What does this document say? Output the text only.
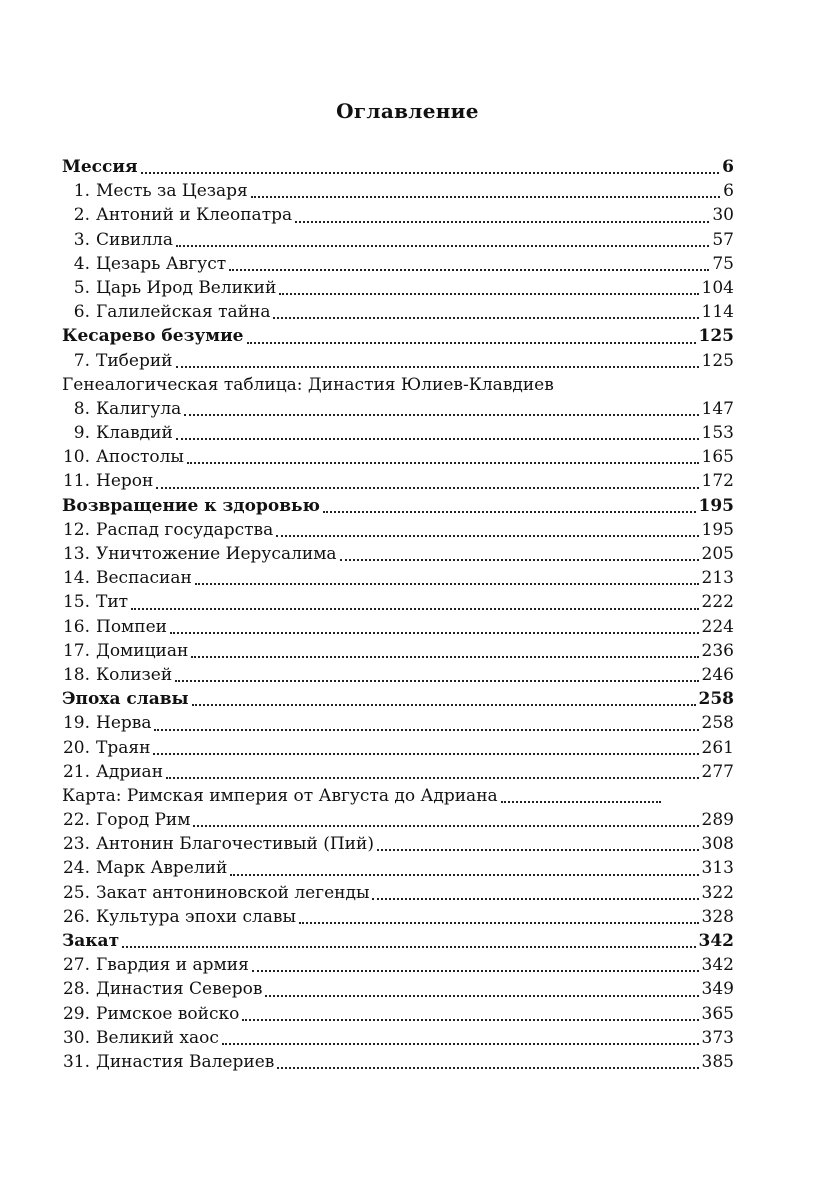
Оглавление
Мессия	6
1. Месть за Цезаря	6
2. Антоний и Клеопатра	30
3. Сивилла	57
4. Цезарь Август	75
5. Царь Ирод Великий	104
6. Галилейская тайна	114
Кесарево безумие	125
7. Тиберий	125
Генеалогическая таблица: Династия Юлиев-Клавдиев
8. Калигула	147
9. Клавдий	153
10. Апостолы	165
11. Нерон	172
Возвращение к здоровью	195
12. Распад государства	195
13. Уничтожение Иерусалима	205
14. Веспасиан	213
15. Тит	222
16. Помпеи	224
17. Домициан	236
18. Колизей	246
Эпоха славы	258
19. Нерва	258
20. Траян	261
21. Адриан	277
Карта: Римская империя от Августа до Адриана
22. Город Рим	289
23. Антонин Благочестивый (Пий)	308
24. Марк Аврелий	313
25. Закат антониновской легенды	322
26. Культура эпохи славы	328
Закат	342
27. Гвардия и армия	342
28. Династия Северов	349
29. Римское войско	365
30. Великий хаос	373
31. Династия Валериев	385
